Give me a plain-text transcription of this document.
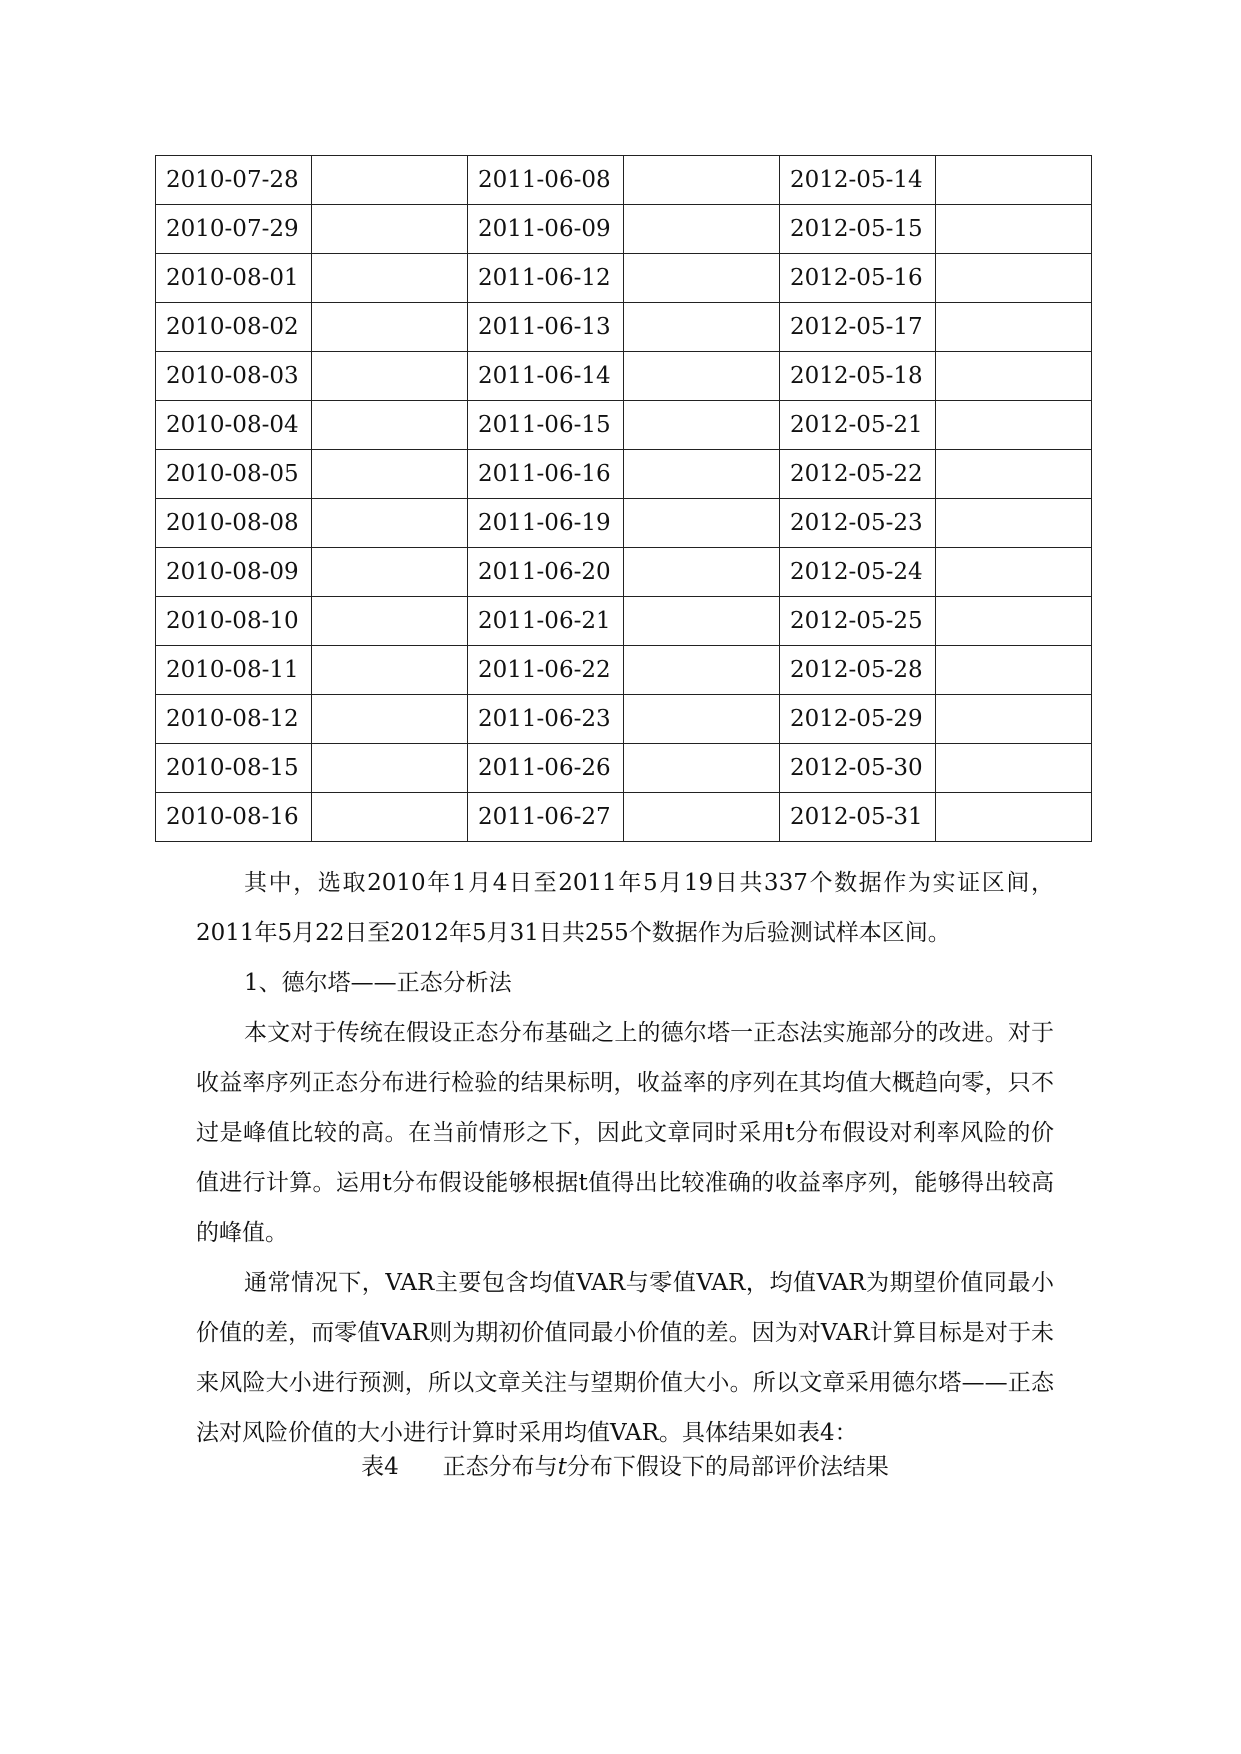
2010-07-28		2011-06-08		2012-05-14	
2010-07-29		2011-06-09		2012-05-15	
2010-08-01		2011-06-12		2012-05-16	
2010-08-02		2011-06-13		2012-05-17	
2010-08-03		2011-06-14		2012-05-18	
2010-08-04		2011-06-15		2012-05-21	
2010-08-05		2011-06-16		2012-05-22	
2010-08-08		2011-06-19		2012-05-23	
2010-08-09		2011-06-20		2012-05-24	
2010-08-10		2011-06-21		2012-05-25	
2010-08-11		2011-06-22		2012-05-28	
2010-08-12		2011-06-23		2012-05-29	
2010-08-15		2011-06-26		2012-05-30	
2010-08-16		2011-06-27		2012-05-31	

其中，选取2010年1月4日至2011年5月19日共337个数据作为实证区间，2011年5月22日至2012年5月31日共255个数据作为后验测试样本区间。

1、德尔塔——正态分析法

本文对于传统在假设正态分布基础之上的德尔塔一正态法实施部分的改进。对于收益率序列正态分布进行检验的结果标明，收益率的序列在其均值大概趋向零，只不过是峰值比较的高。在当前情形之下，因此文章同时采用t分布假设对利率风险的价值进行计算。运用t分布假设能够根据t值得出比较准确的收益率序列，能够得出较高的峰值。

通常情况下，VAR主要包含均值VAR与零值VAR，均值VAR为期望价值同最小价值的差，而零值VAR则为期初价值同最小价值的差。因为对VAR计算目标是对于未来风险大小进行预测，所以文章关注与望期价值大小。所以文章采用德尔塔——正态法对风险价值的大小进行计算时采用均值VAR。具体结果如表4：

表4 正态分布与t分布下假设下的局部评价法结果
